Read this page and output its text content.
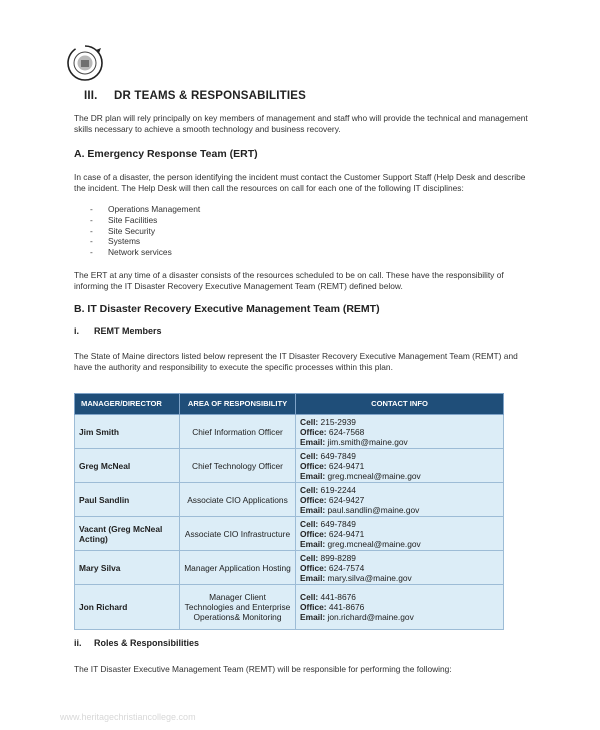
III. DR TEAMS & RESPONSABILITIES
The DR plan will rely principally on key members of management and staff who will provide the technical and management skills necessary to achieve a smooth technology and business recovery.
A. Emergency Response Team (ERT)
In case of a disaster, the person identifying the incident must contact the Customer Support Staff (Help Desk and describe the incident. The Help Desk will then call the resources on call for each one of the following IT disciplines:
- Operations Management
- Site Facilities
- Site Security
- Systems
- Network services
The ERT at any time of a disaster consists of the resources scheduled to be on call. These have the responsibility of informing the IT Disaster Recovery Executive Management Team (REMT) defined below.
B. IT Disaster Recovery Executive Management Team (REMT)
i. REMT Members
The State of Maine directors listed below represent the IT Disaster Recovery Executive Management Team (REMT) and have the authority and responsibility to execute the specific processes within this plan.
MANAGER/DIRECTOR	AREA OF RESPONSIBILITY	CONTACT INFO
Jim Smith	Chief Information Officer	Cell: 215-2939
Office: 624-7568
Email: jim.smith@maine.gov

Greg McNeal	Chief Technology Officer	Cell: 649-7849
Office: 624-9471
Email: greg.mcneal@maine.gov

Paul Sandlin	Associate CIO Applications	Cell: 619-2244
Office: 624-9427
Email: paul.sandlin@maine.gov

Vacant (Greg McNeal Acting)	Associate CIO Infrastructure	Cell: 649-7849
Office: 624-9471
Email: greg.mcneal@maine.gov

Mary Silva	Manager Application Hosting	Cell: 899-8289
Office: 624-7574
Email: mary.silva@maine.gov

Jon Richard	Manager Client Technologies and Enterprise Operations& Monitoring	Cell: 441-8676
Office: 441-8676
Email: jon.richard@maine.gov
ii. Roles & Responsibilities
The IT Disaster Executive Management Team (REMT) will be responsible for performing the following:
www.heritagechristiancollege.com
